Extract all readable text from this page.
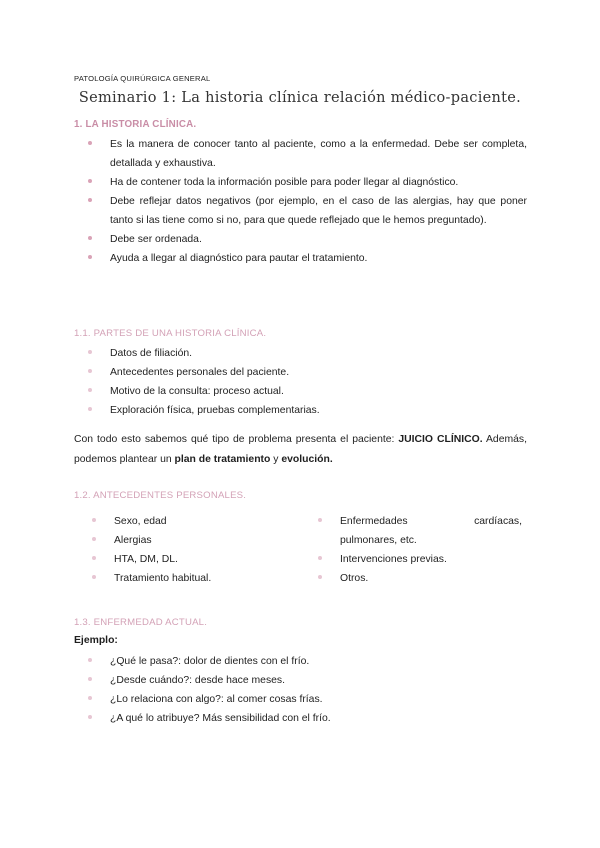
PATOLOGÍA QUIRÚRGICA GENERAL
Seminario 1: La historia clínica relación médico-paciente.
1. LA HISTORIA CLÍNICA.
Es la manera de conocer tanto al paciente, como a la enfermedad. Debe ser completa, detallada y exhaustiva.
Ha de contener toda la información posible para poder llegar al diagnóstico.
Debe reflejar datos negativos (por ejemplo, en el caso de las alergias, hay que poner tanto si las tiene como si no, para que quede reflejado que le hemos preguntado).
Debe ser ordenada.
Ayuda a llegar al diagnóstico para pautar el tratamiento.
1.1. PARTES DE UNA HISTORIA CLÍNICA.
Datos de filiación.
Antecedentes personales del paciente.
Motivo de la consulta: proceso actual.
Exploración física, pruebas complementarias.
Con todo esto sabemos qué tipo de problema presenta el paciente: JUICIO CLÍNICO. Además, podemos plantear un plan de tratamiento y evolución.
1.2. ANTECEDENTES PERSONALES.
Sexo, edad
Alergias
HTA, DM, DL.
Tratamiento habitual.
Enfermedades	cardíacas,
pulmonares, etc.
Intervenciones previas.
Otros.
1.3. ENFERMEDAD ACTUAL.
Ejemplo:
¿Qué le pasa?: dolor de dientes con el frío.
¿Desde cuándo?: desde hace meses.
¿Lo relaciona con algo?: al comer cosas frías.
¿A qué lo atribuye? Más sensibilidad con el frío.
